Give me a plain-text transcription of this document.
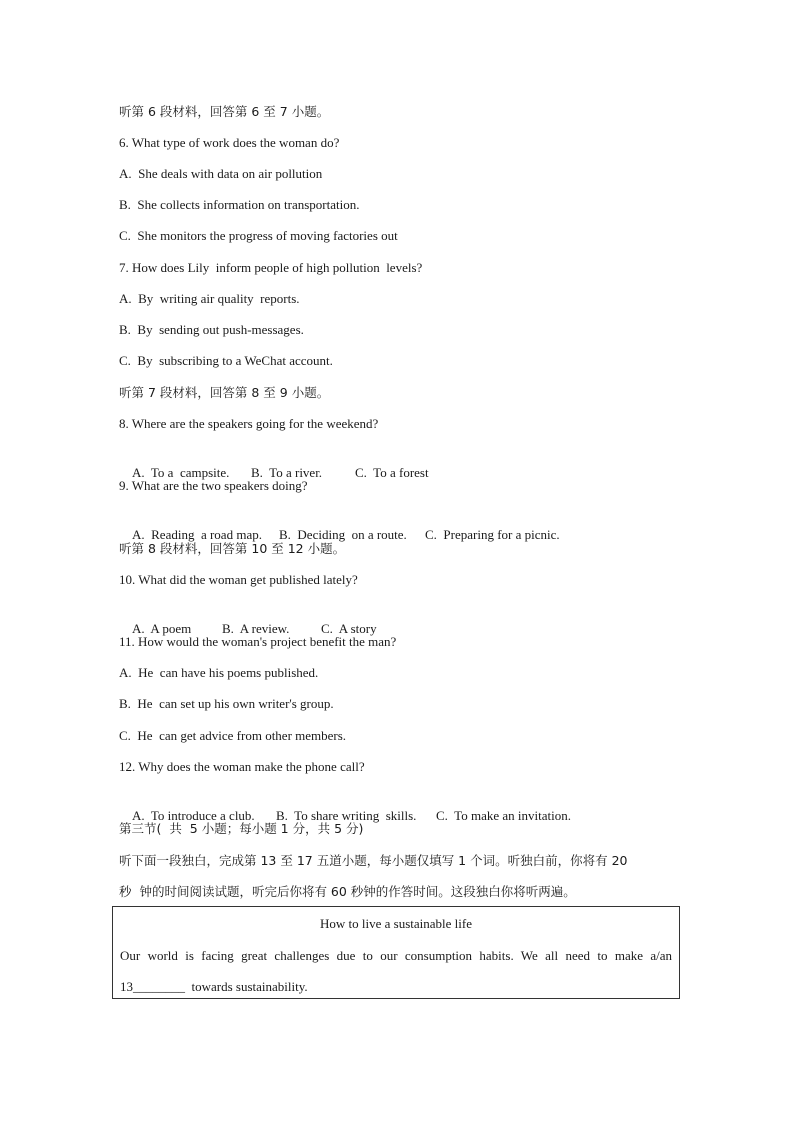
听第 6 段材料，回答第 6 至 7 小题。
6. What type of work does the woman do?
A.  She deals with data on air pollution
B.  She collects information on transportation.
C.  She monitors the progress of moving factories out
7. How does Lily  inform people of high pollution  levels?
A.  By  writing air quality  reports.
B.  By  sending out push-messages.
C.  By  subscribing to a WeChat account.
听第 7 段材料，回答第 8 至 9 小题。
8. Where are the speakers going for the weekend?

A.  To a  campsite. B.  To a river.	C.  To a forest

9. What are the two speakers doing?

A.  Reading  a road map. B.  Deciding  on a route. C.  Preparing for a picnic.

听第 8 段材料，回答第 10 至 12 小题。
10. What did the woman get published lately?

A.  A poem B.  A review. C.  A story

11. How would the woman's project benefit the man?
A.  He  can have his poems published.
B.  He  can set up his own writer's group.
C.  He  can get advice from other members.
12. Why does the woman make the phone call?

A.  To introduce a club. B.  To share writing  skills. C.  To make an invitation.

第三节(  共  5 小题；每小题 1 分，共 5 分)
听下面一段独白，完成第 13 至 17 五道小题，每小题仅填写 1 个词。听独白前，你将有 20
秒  钟的时间阅读试题，听完后你将有 60 秒钟的作答时间。这段独白你将听两遍。
How to live a sustainable life
Our world is facing great challenges due to our consumption habits. We all need to make a/an
13________  towards sustainability.
